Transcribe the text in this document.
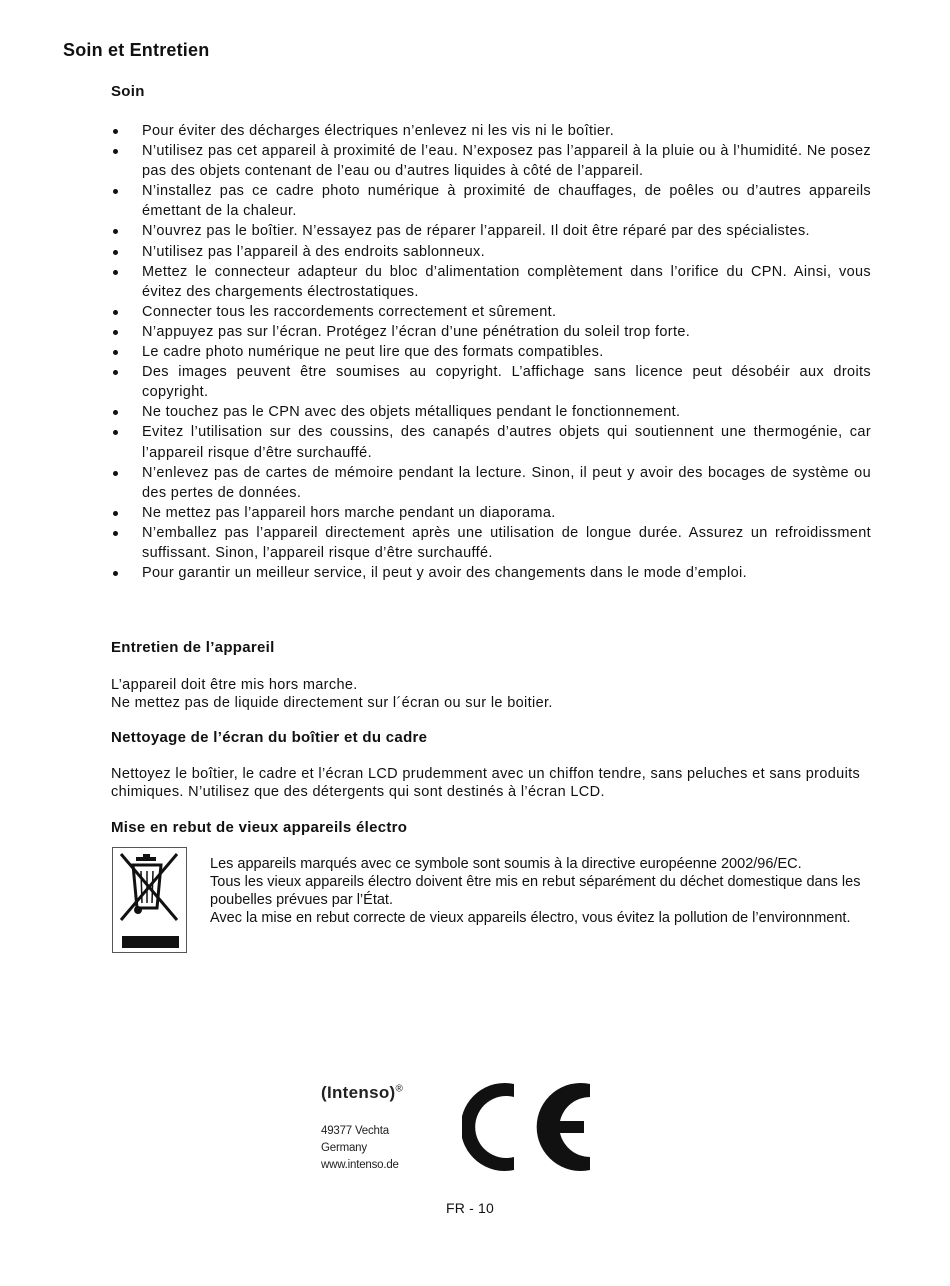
Soin et Entretien
Soin
Pour éviter des décharges électriques n’enlevez ni les vis ni le boîtier.
N’utilisez pas cet appareil à proximité de l’eau. N’exposez pas l’appareil à la pluie ou à l’humidité. Ne posez pas des objets contenant de l’eau ou d’autres liquides à côté de l’appareil.
N’installez pas ce cadre photo numérique à proximité de chauffages, de poêles ou d’autres appareils émettant de la chaleur.
N’ouvrez pas le boîtier. N’essayez pas de réparer l’appareil. Il doit être réparé par des spécialistes.
N’utilisez pas l’appareil à des endroits sablonneux.
Mettez le connecteur adapteur du bloc d’alimentation complètement dans l’orifice du CPN. Ainsi, vous évitez des chargements électrostatiques.
Connecter tous les raccordements correctement et sûrement.
N’appuyez pas sur l’écran. Protégez l’écran d’une pénétration du soleil trop forte.
Le cadre photo numérique ne peut lire que des formats compatibles.
Des images peuvent être soumises au copyright. L’affichage sans licence peut désobéir aux droits copyright.
Ne touchez pas le CPN avec des objets métalliques pendant le fonctionnement.
Evitez l’utilisation sur des coussins, des canapés d’autres objets qui soutiennent une thermogénie, car l’appareil risque d’être surchauffé.
N’enlevez pas de cartes de mémoire pendant la lecture. Sinon, il peut y avoir des bocages de système ou des pertes de données.
Ne mettez pas l’appareil hors marche pendant un diaporama.
N’emballez pas l’appareil directement après une utilisation de longue durée. Assurez un refroidissment suffissant. Sinon, l’appareil risque d’être surchauffé.
Pour garantir un meilleur service, il peut y avoir des changements dans le mode d’emploi.
Entretien de l’appareil

L’appareil doit être mis hors marche.

Ne mettez pas de liquide directement sur l´écran ou sur le boitier.

Nettoyage de l’écran du boîtier et du cadre

Nettoyez le boîtier, le cadre et l’écran LCD prudemment avec un chiffon tendre, sans peluches et sans produits chimiques. N’utilisez que des détergents qui sont destinés à l’écran LCD.

Mise en rebut de vieux appareils électro
Les appareils marqués avec ce symbole sont soumis à la directive européenne 2002/96/EC.
Tous les vieux appareils électro doivent être mis en rebut séparément du déchet domestique dans les poubelles prévues par l’État.
Avec la mise en rebut correcte de vieux appareils électro, vous évitez la pollution de l’environnment.
(Intenso)®
49377 Vechta
Germany
www.intenso.de
FR - 10
